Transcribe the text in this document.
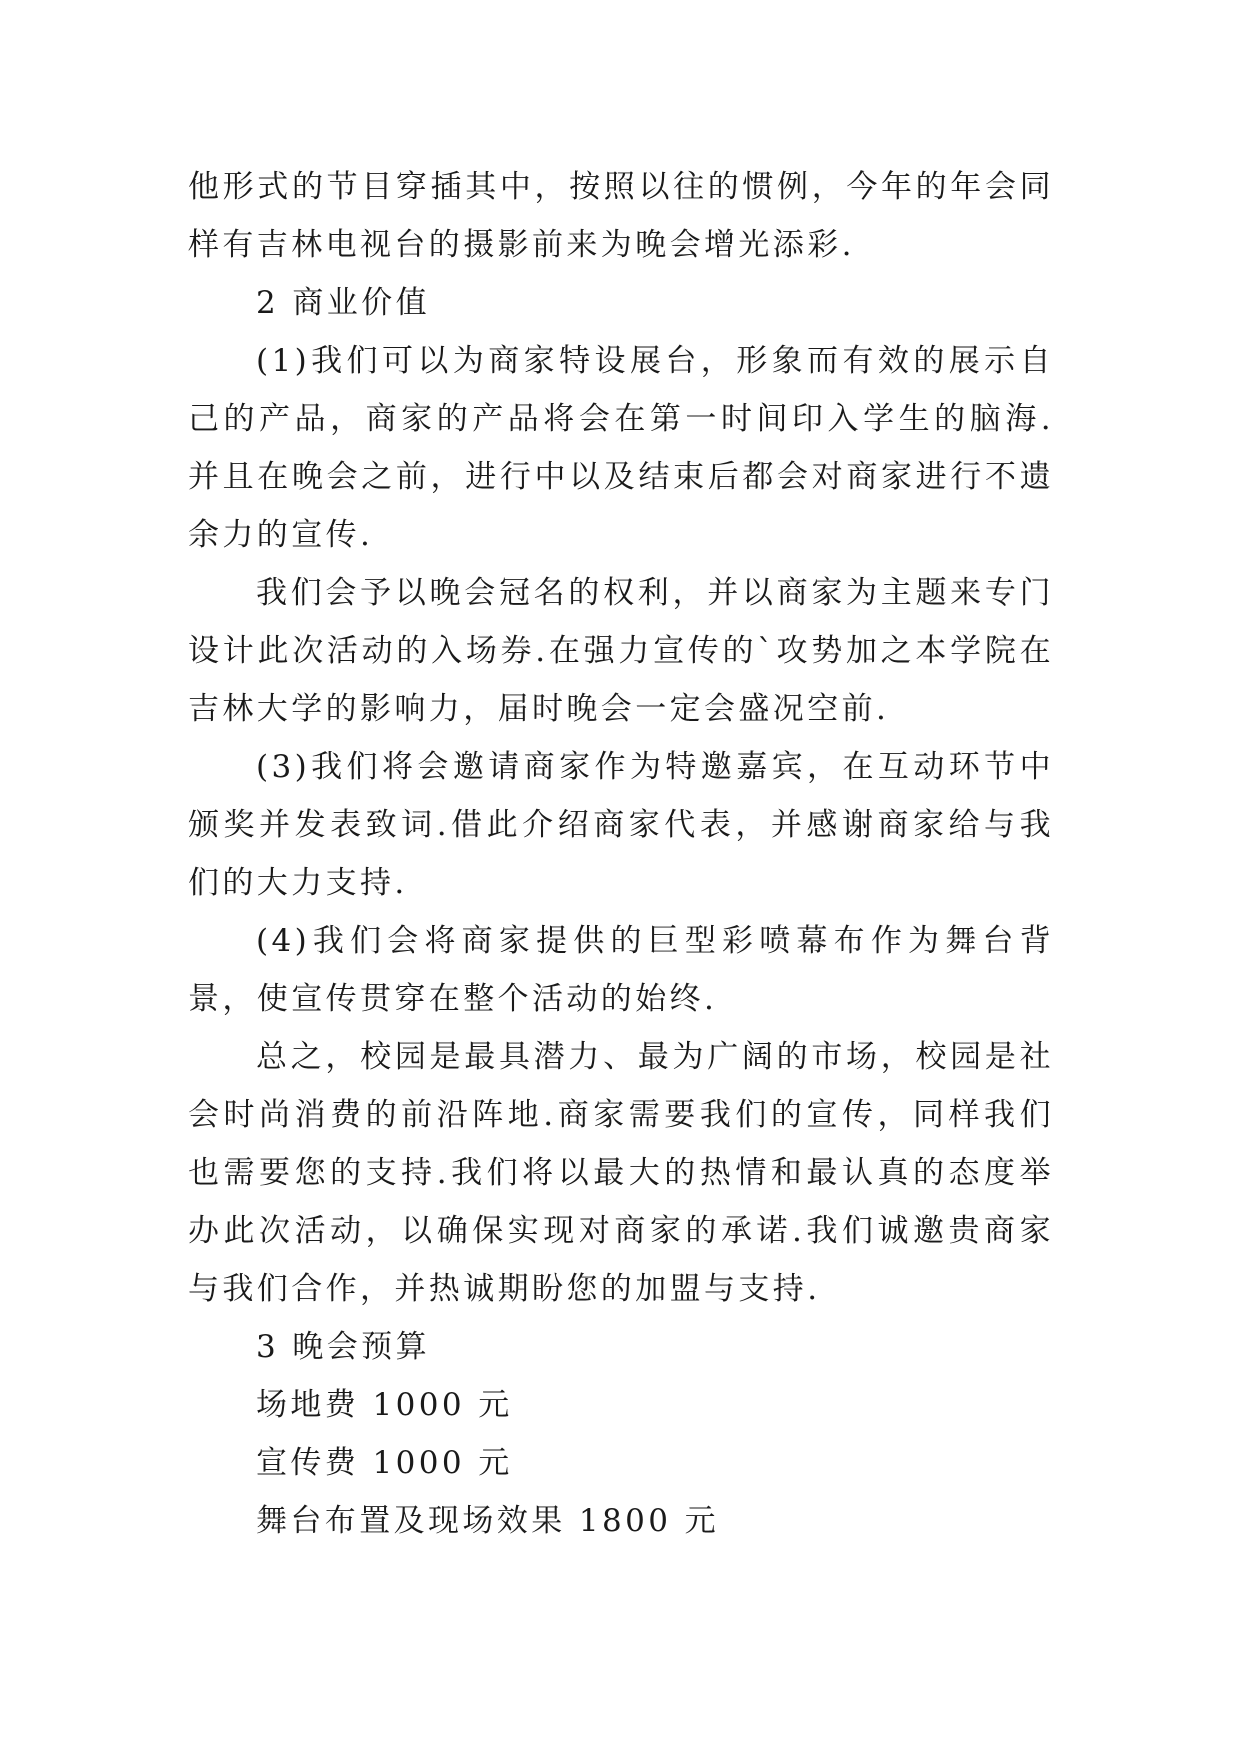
他形式的节目穿插其中，按照以往的惯例，今年的年会同样有吉林电视台的摄影前来为晚会增光添彩.

2 商业价值

(1)我们可以为商家特设展台，形象而有效的展示自己的产品，商家的产品将会在第一时间印入学生的脑海.并且在晚会之前，进行中以及结束后都会对商家进行不遗余力的宣传.

我们会予以晚会冠名的权利，并以商家为主题来专门设计此次活动的入场券.在强力宣传的`攻势加之本学院在吉林大学的影响力，届时晚会一定会盛况空前.

(3)我们将会邀请商家作为特邀嘉宾，在互动环节中颁奖并发表致词.借此介绍商家代表，并感谢商家给与我们的大力支持.

(4)我们会将商家提供的巨型彩喷幕布作为舞台背景，使宣传贯穿在整个活动的始终.

总之，校园是最具潜力、最为广阔的市场，校园是社会时尚消费的前沿阵地.商家需要我们的宣传，同样我们也需要您的支持.我们将以最大的热情和最认真的态度举办此次活动，以确保实现对商家的承诺.我们诚邀贵商家与我们合作，并热诚期盼您的加盟与支持.

3 晚会预算

场地费 1000 元

宣传费 1000 元

舞台布置及现场效果 1800 元
